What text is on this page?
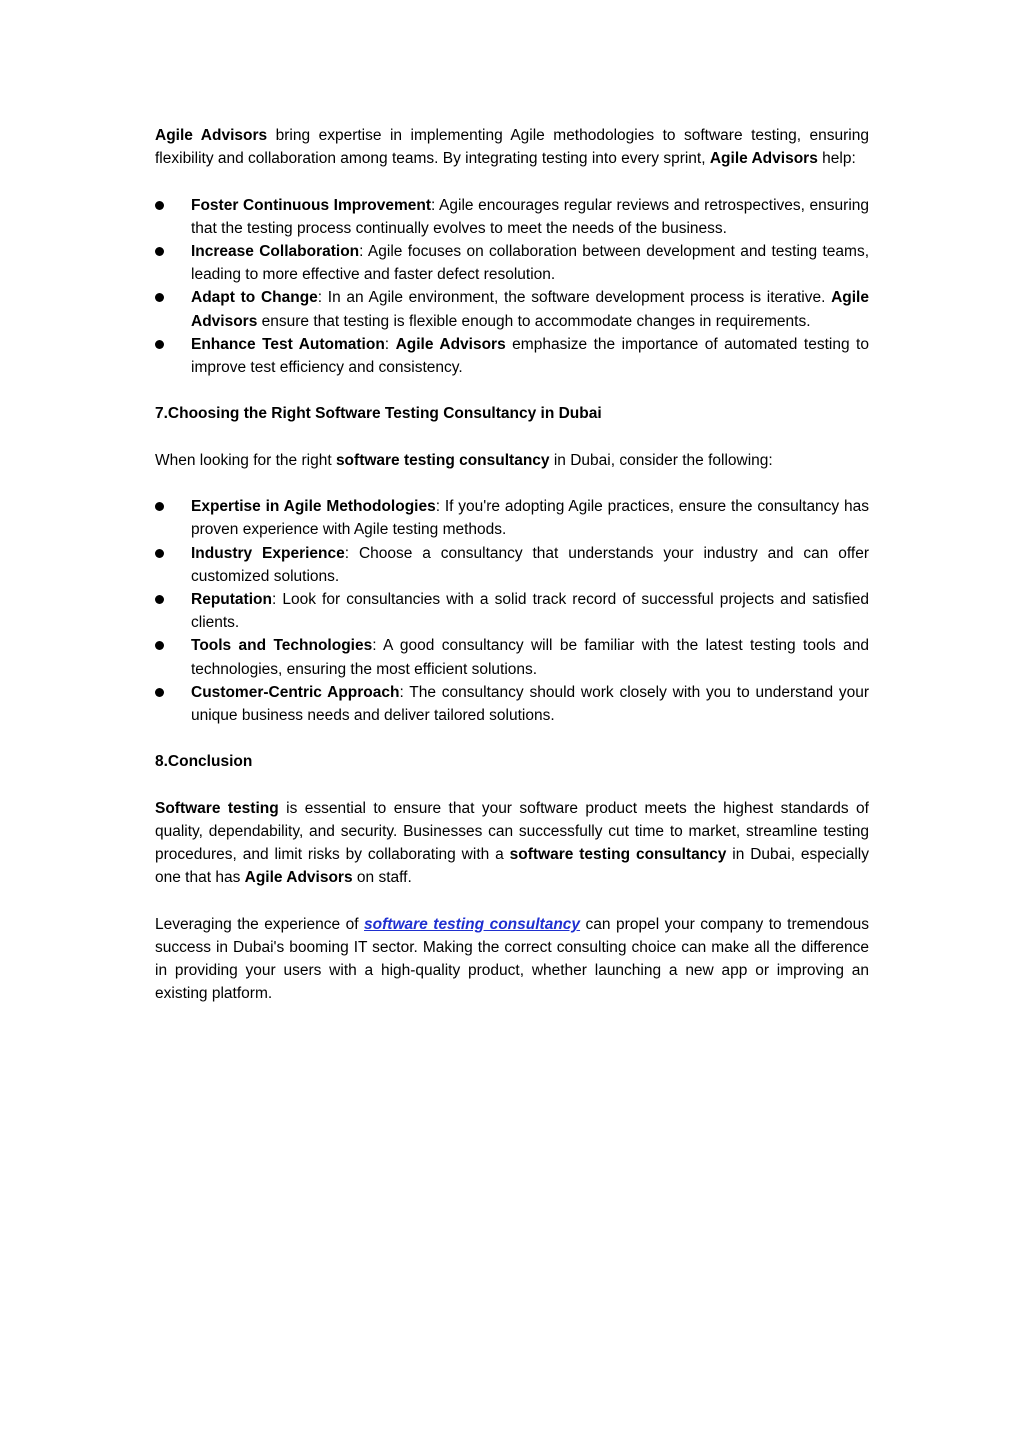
Agile Advisors bring expertise in implementing Agile methodologies to software testing, ensuring flexibility and collaboration among teams. By integrating testing into every sprint, Agile Advisors help:

Foster Continuous Improvement: Agile encourages regular reviews and retrospectives, ensuring that the testing process continually evolves to meet the needs of the business.
Increase Collaboration: Agile focuses on collaboration between development and testing teams, leading to more effective and faster defect resolution.
Adapt to Change: In an Agile environment, the software development process is iterative. Agile Advisors ensure that testing is flexible enough to accommodate changes in requirements.
Enhance Test Automation: Agile Advisors emphasize the importance of automated testing to improve test efficiency and consistency.
7.Choosing the Right Software Testing Consultancy in Dubai

When looking for the right software testing consultancy in Dubai, consider the following:

Expertise in Agile Methodologies: If you're adopting Agile practices, ensure the consultancy has proven experience with Agile testing methods.
Industry Experience: Choose a consultancy that understands your industry and can offer customized solutions.
Reputation: Look for consultancies with a solid track record of successful projects and satisfied clients.
Tools and Technologies: A good consultancy will be familiar with the latest testing tools and technologies, ensuring the most efficient solutions.
Customer-Centric Approach: The consultancy should work closely with you to understand your unique business needs and deliver tailored solutions.
8.Conclusion

Software testing is essential to ensure that your software product meets the highest standards of quality, dependability, and security. Businesses can successfully cut time to market, streamline testing procedures, and limit risks by collaborating with a software testing consultancy in Dubai, especially one that has Agile Advisors on staff.

Leveraging the experience of software testing consultancy can propel your company to tremendous success in Dubai's booming IT sector. Making the correct consulting choice can make all the difference in providing your users with a high-quality product, whether launching a new app or improving an existing platform.
